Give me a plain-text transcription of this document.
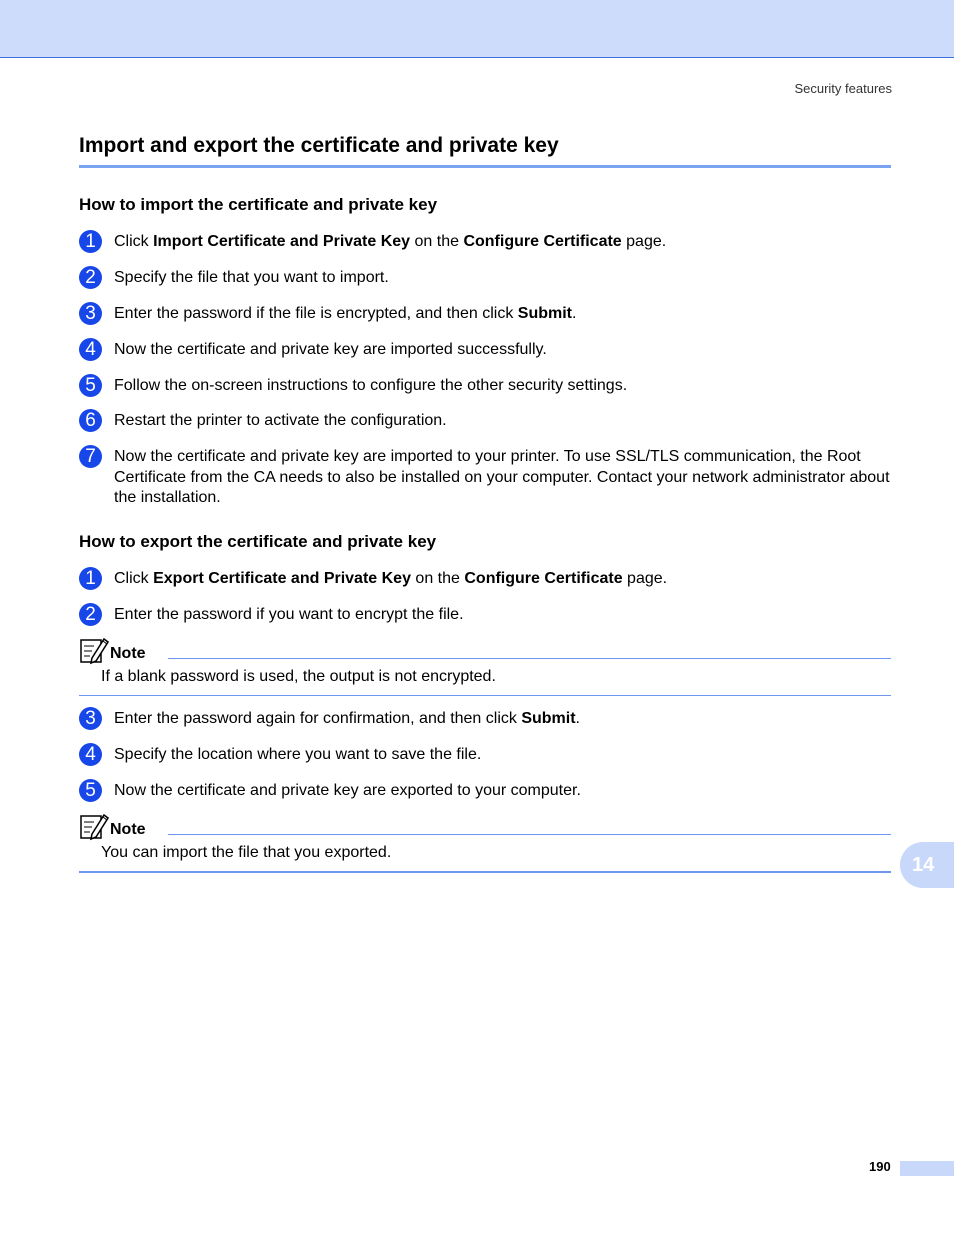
Security features
Import and export the certificate and private key
How to import the certificate and private key
1	Click Import Certificate and Private Key on the Configure Certificate page.
2	Specify the file that you want to import.
3	Enter the password if the file is encrypted, and then click Submit.
4	Now the certificate and private key are imported successfully.
5	Follow the on-screen instructions to configure the other security settings.
6	Restart the printer to activate the configuration.
7	Now the certificate and private key are imported to your printer. To use SSL/TLS communication, the Root Certificate from the CA needs to also be installed on your computer. Contact your network administrator about the installation.
How to export the certificate and private key
1	Click Export Certificate and Private Key on the Configure Certificate page.
2	Enter the password if you want to encrypt the file.
Note
If a blank password is used, the output is not encrypted.
3	Enter the password again for confirmation, and then click Submit.
4	Specify the location where you want to save the file.
5	Now the certificate and private key are exported to your computer.
Note
You can import the file that you exported.
14
190
